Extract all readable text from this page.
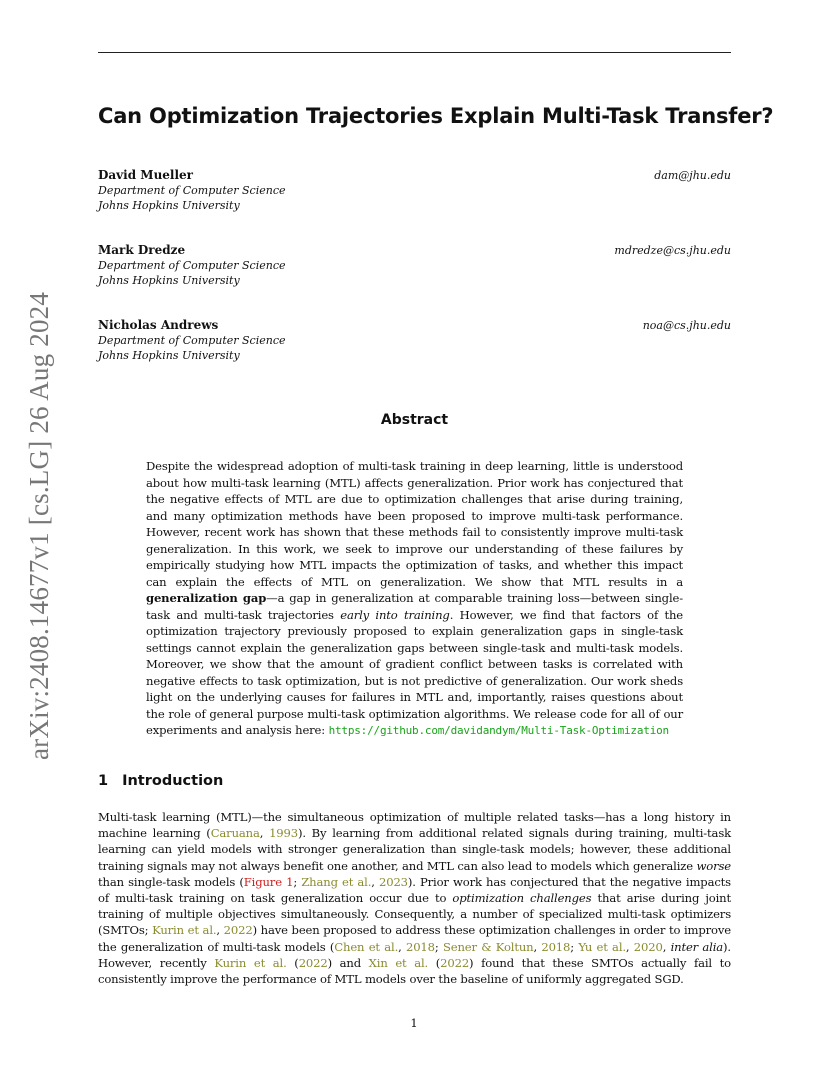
arXiv:2408.14677v1 [cs.LG] 26 Aug 2024
Can Optimization Trajectories Explain Multi-Task Transfer?
David Mueller	dam@jhu.edu
Department of Computer Science
Johns Hopkins University
Mark Dredze	mdredze@cs.jhu.edu
Department of Computer Science
Johns Hopkins University
Nicholas Andrews	noa@cs.jhu.edu
Department of Computer Science
Johns Hopkins University
Abstract
Despite the widespread adoption of multi-task training in deep learning, little is understood about how multi-task learning (MTL) affects generalization. Prior work has conjectured that the negative effects of MTL are due to optimization challenges that arise during training, and many optimization methods have been proposed to improve multi-task performance. However, recent work has shown that these methods fail to consistently improve multi-task generalization. In this work, we seek to improve our understanding of these failures by empirically studying how MTL impacts the optimization of tasks, and whether this impact can explain the effects of MTL on generalization. We show that MTL results in a generalization gap—a gap in generalization at comparable training loss—between single-task and multi-task trajectories early into training. However, we find that factors of the optimization trajectory previously proposed to explain generalization gaps in single-task settings cannot explain the generalization gaps between single-task and multi-task models. Moreover, we show that the amount of gradient conflict between tasks is correlated with negative effects to task optimization, but is not predictive of generalization. Our work sheds light on the underlying causes for failures in MTL and, importantly, raises questions about the role of general purpose multi-task optimization algorithms. We release code for all of our experiments and analysis here: https://github.com/davidandym/Multi-Task-Optimization
1 Introduction
Multi-task learning (MTL)—the simultaneous optimization of multiple related tasks—has a long history in machine learning (Caruana, 1993). By learning from additional related signals during training, multi-task learning can yield models with stronger generalization than single-task models; however, these additional training signals may not always benefit one another, and MTL can also lead to models which generalize worse than single-task models (Figure 1; Zhang et al., 2023). Prior work has conjectured that the negative impacts of multi-task training on task generalization occur due to optimization challenges that arise during joint training of multiple objectives simultaneously. Consequently, a number of specialized multi-task optimizers (SMTOs; Kurin et al., 2022) have been proposed to address these optimization challenges in order to improve the generalization of multi-task models (Chen et al., 2018; Sener & Koltun, 2018; Yu et al., 2020, inter alia). However, recently Kurin et al. (2022) and Xin et al. (2022) found that these SMTOs actually fail to consistently improve the performance of MTL models over the baseline of uniformly aggregated SGD.
1
